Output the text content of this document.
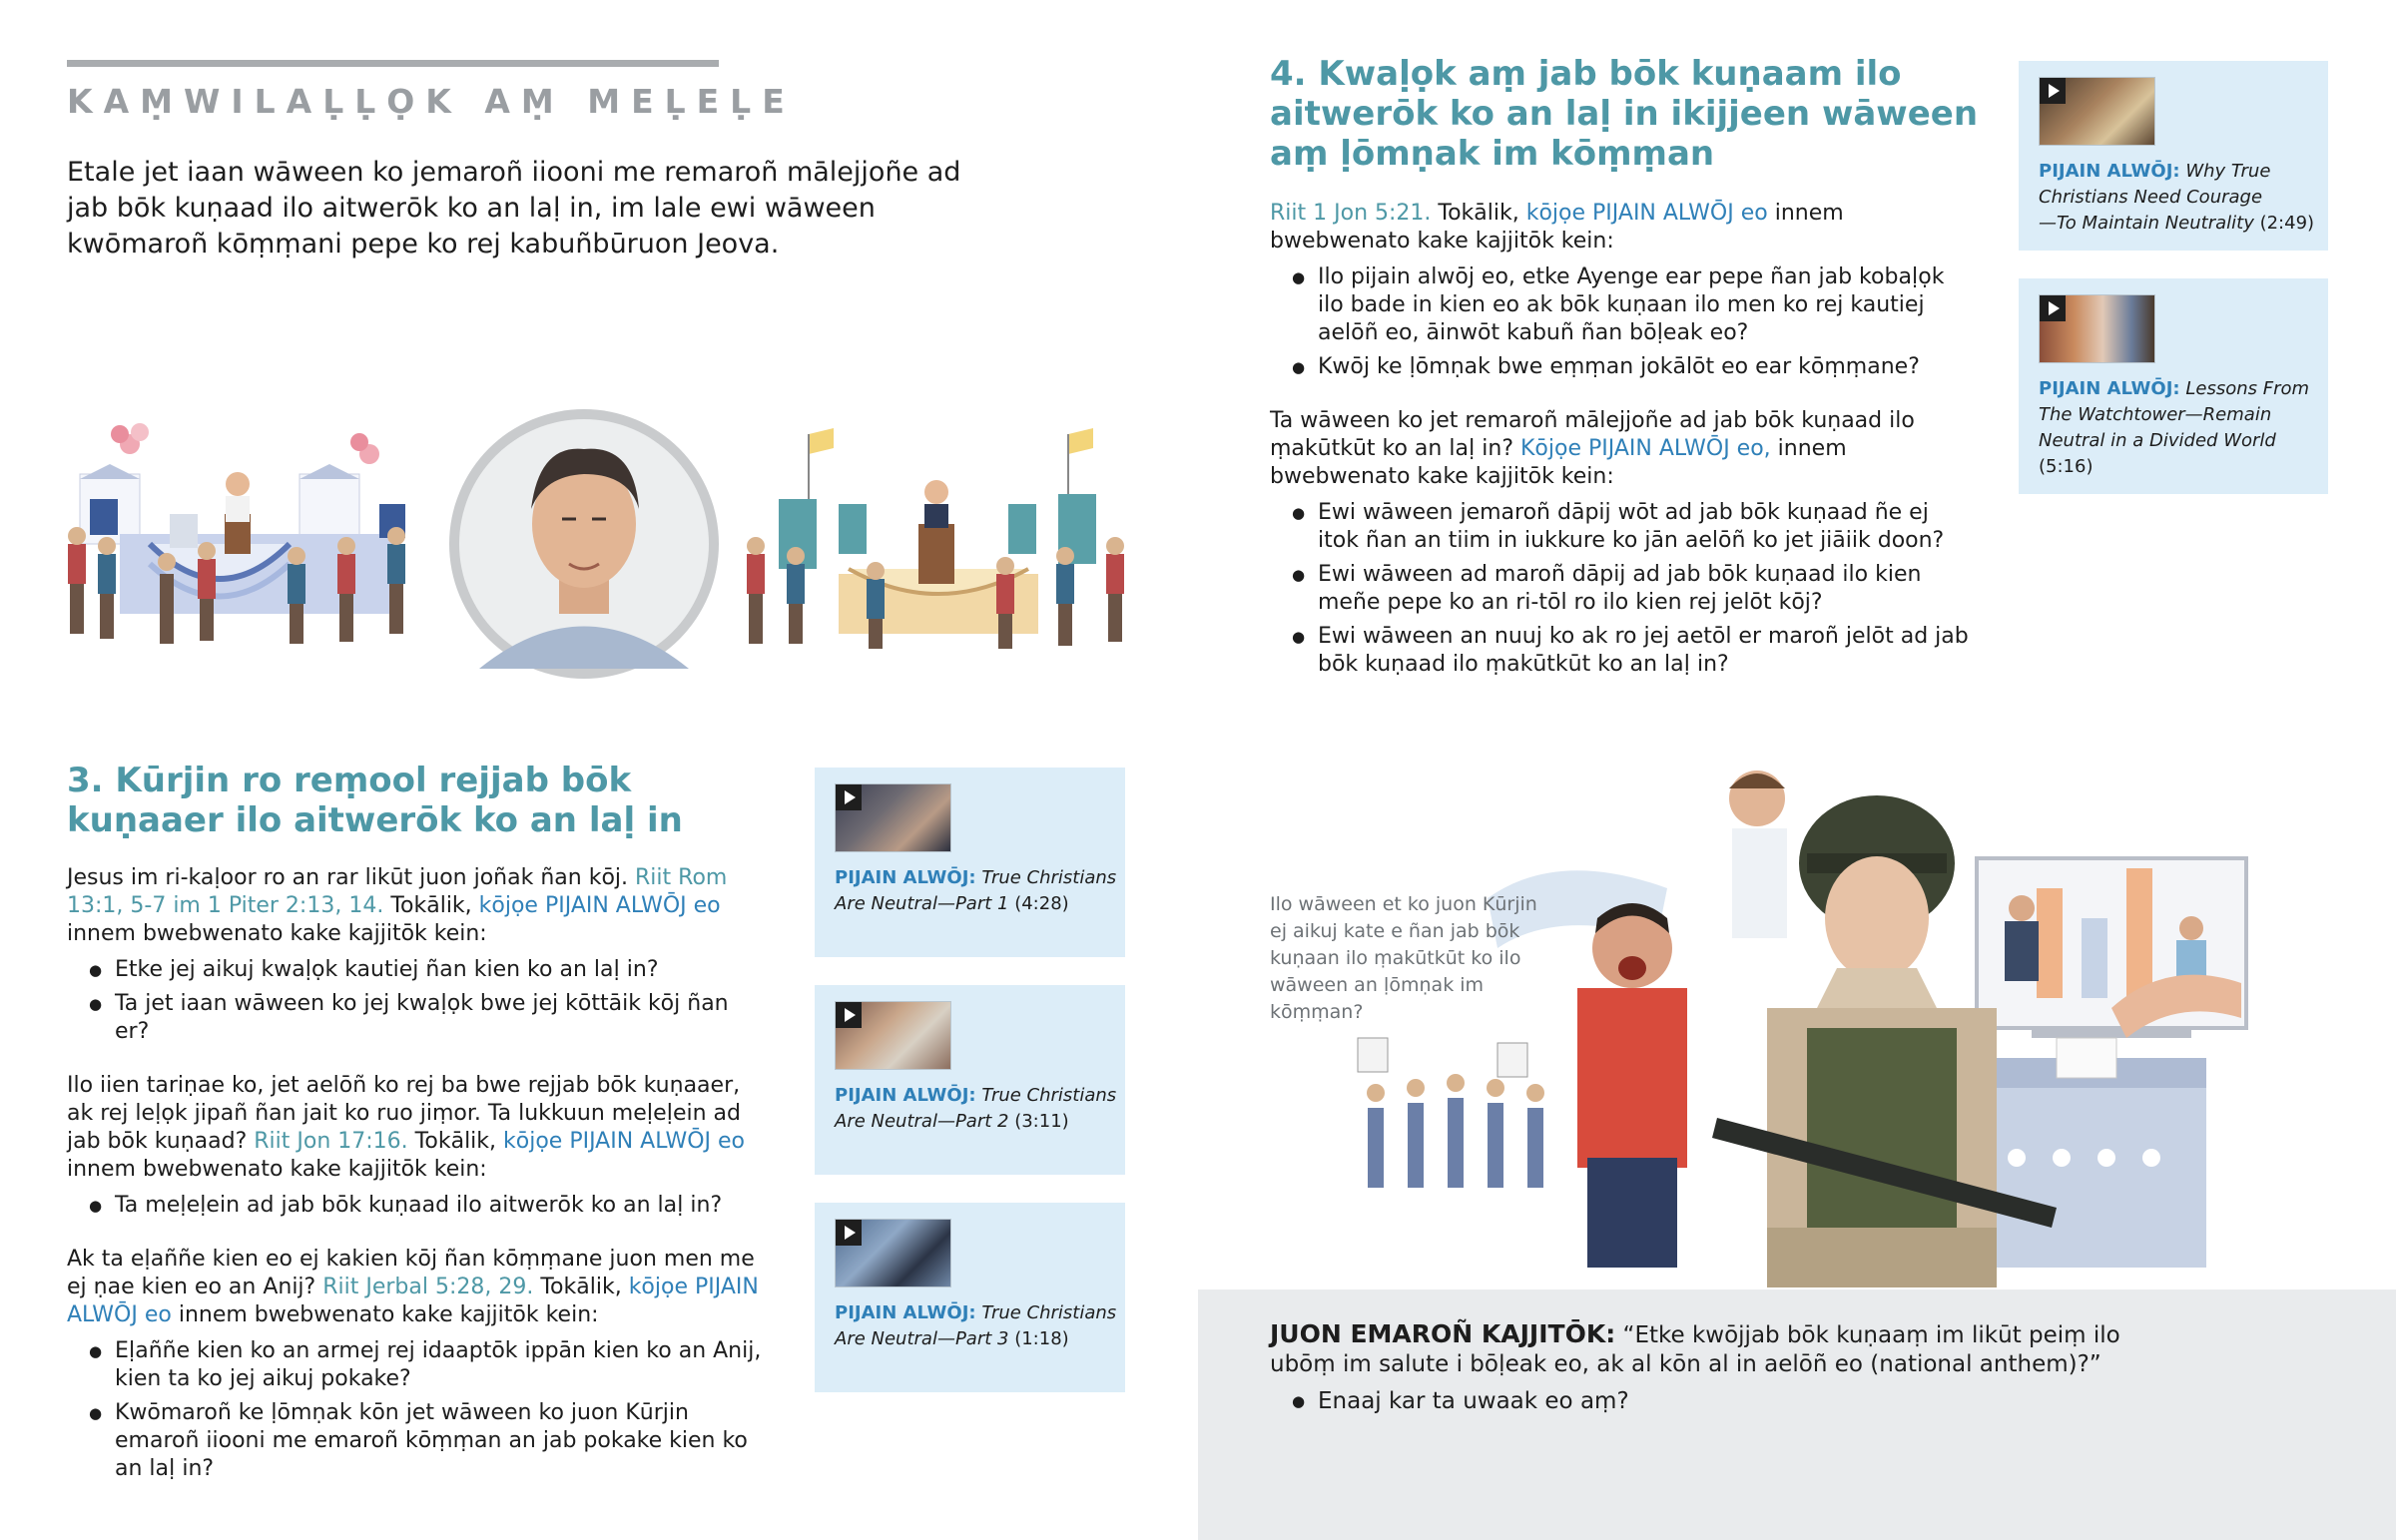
KAṂWILAḶḶỌK AṂ MEḶEḶE
Etale jet iaan wāween ko jemaroñ iiooni me remaroñ mālejjoñe ad jab bōk kuṇaad ilo aitwerōk ko an laḷ in, im lale ewi wāween kwōmaroñ kōṃṃani pepe ko rej kabuñbūruon Jeova.
3. Kūrjin ro reṃool rejjab bōk
kuṇaaer ilo aitwerōk ko an laḷ in
Jesus im ri-kaḷoor ro an rar likūt juon joñak ñan kōj. Riit Rom 13:1, 5-7 im 1 Piter 2:13, 14. Tokālik, kōjọe PIJAIN ALWŌJ eo innem bwebwenato kake kajjitōk kein:
● Etke jej aikuj kwaḷọk kautiej ñan kien ko an laḷ in?
● Ta jet iaan wāween ko jej kwaḷọk bwe jej kōttāik kōj ñan er?
Ilo iien tariṇae ko, jet aelōñ ko rej ba bwe rejjab bōk kuṇaaer, ak rej leḷọk jipañ ñan jait ko ruo jiṃor. Ta lukkuun meḷeḷein ad jab bōk kuṇaad? Riit Jon 17:16. Tokālik, kōjọe PIJAIN ALWŌJ eo innem bwebwenato kake kajjitōk kein:
● Ta meḷeḷein ad jab bōk kuṇaad ilo aitwerōk ko an laḷ in?
Ak ta eḷaññe kien eo ej kakien kōj ñan kōṃṃane juon men me ej ṇae kien eo an Anij? Riit Jerbal 5:28, 29. Tokālik, kōjọe PIJAIN ALWŌJ eo innem bwebwenato kake kajjitōk kein:
● Eḷaññe kien ko an armej rej idaaptōk ippān kien ko an Anij, kien ta ko jej aikuj pokake?
● Kwōmaroñ ke ḷōmṇak kōn jet wāween ko juon Kūrjin emaroñ iiooni me emaroñ kōṃṃan an jab pokake kien ko an laḷ in?
PIJAIN ALWŌJ: True Christians Are Neutral—Part 1 (4:28)
PIJAIN ALWŌJ: True Christians Are Neutral—Part 2 (3:11)
PIJAIN ALWŌJ: True Christians Are Neutral—Part 3 (1:18)
4. Kwaḷọk aṃ jab bōk kuṇaam ilo
aitwerōk ko an laḷ in ikijjeen wāween
aṃ ḷōmṇak im kōṃṃan
Riit 1 Jon 5:21. Tokālik, kōjọe PIJAIN ALWŌJ eo innem bwebwenato kake kajjitōk kein:
● Ilo pijain alwōj eo, etke Ayenge ear pepe ñan jab kobaḷọk ilo bade in kien eo ak bōk kuṇaan ilo men ko rej kautiej aelōñ eo, āinwōt kabuñ ñan bōḷeak eo?
● Kwōj ke ḷōmṇak bwe eṃṃan jokālōt eo ear kōṃṃane?
Ta wāween ko jet remaroñ mālejjoñe ad jab bōk kuṇaad ilo ṃakūtkūt ko an laḷ in? Kōjọe PIJAIN ALWŌJ eo, innem bwebwenato kake kajjitōk kein:
● Ewi wāween jemaroñ dāpij wōt ad jab bōk kuṇaad ñe ej itok ñan an tiim in iukkure ko jān aelōñ ko jet jiāiik doon?
● Ewi wāween ad maroñ dāpij ad jab bōk kuṇaad ilo kien meñe pepe ko an ri-tōl ro ilo kien rej jelōt kōj?
● Ewi wāween an nuuj ko ak ro jej aetōl er maroñ jelōt ad jab bōk kuṇaad ilo ṃakūtkūt ko an laḷ in?
PIJAIN ALWŌJ: Why True
Christians Need Courage
—To Maintain Neutrality (2:49)
PIJAIN ALWŌJ: Lessons From
The Watchtower—Remain
Neutral in a Divided World
(5:16)
Ilo wāween et ko juon Kūrjin ej aikuj kate e ñan jab bōk kuṇaan ilo ṃakūtkūt ko ilo wāween an ḷōmṇak im kōṃṃan?
JUON EMAROÑ KAJJITŌK: “Etke kwōjjab bōk kuṇaaṃ im likūt peiṃ ilo ubōṃ im salute i bōḷeak eo, ak al kōn al in aelōñ eo (national anthem)?”
● Enaaj kar ta uwaak eo aṃ?
